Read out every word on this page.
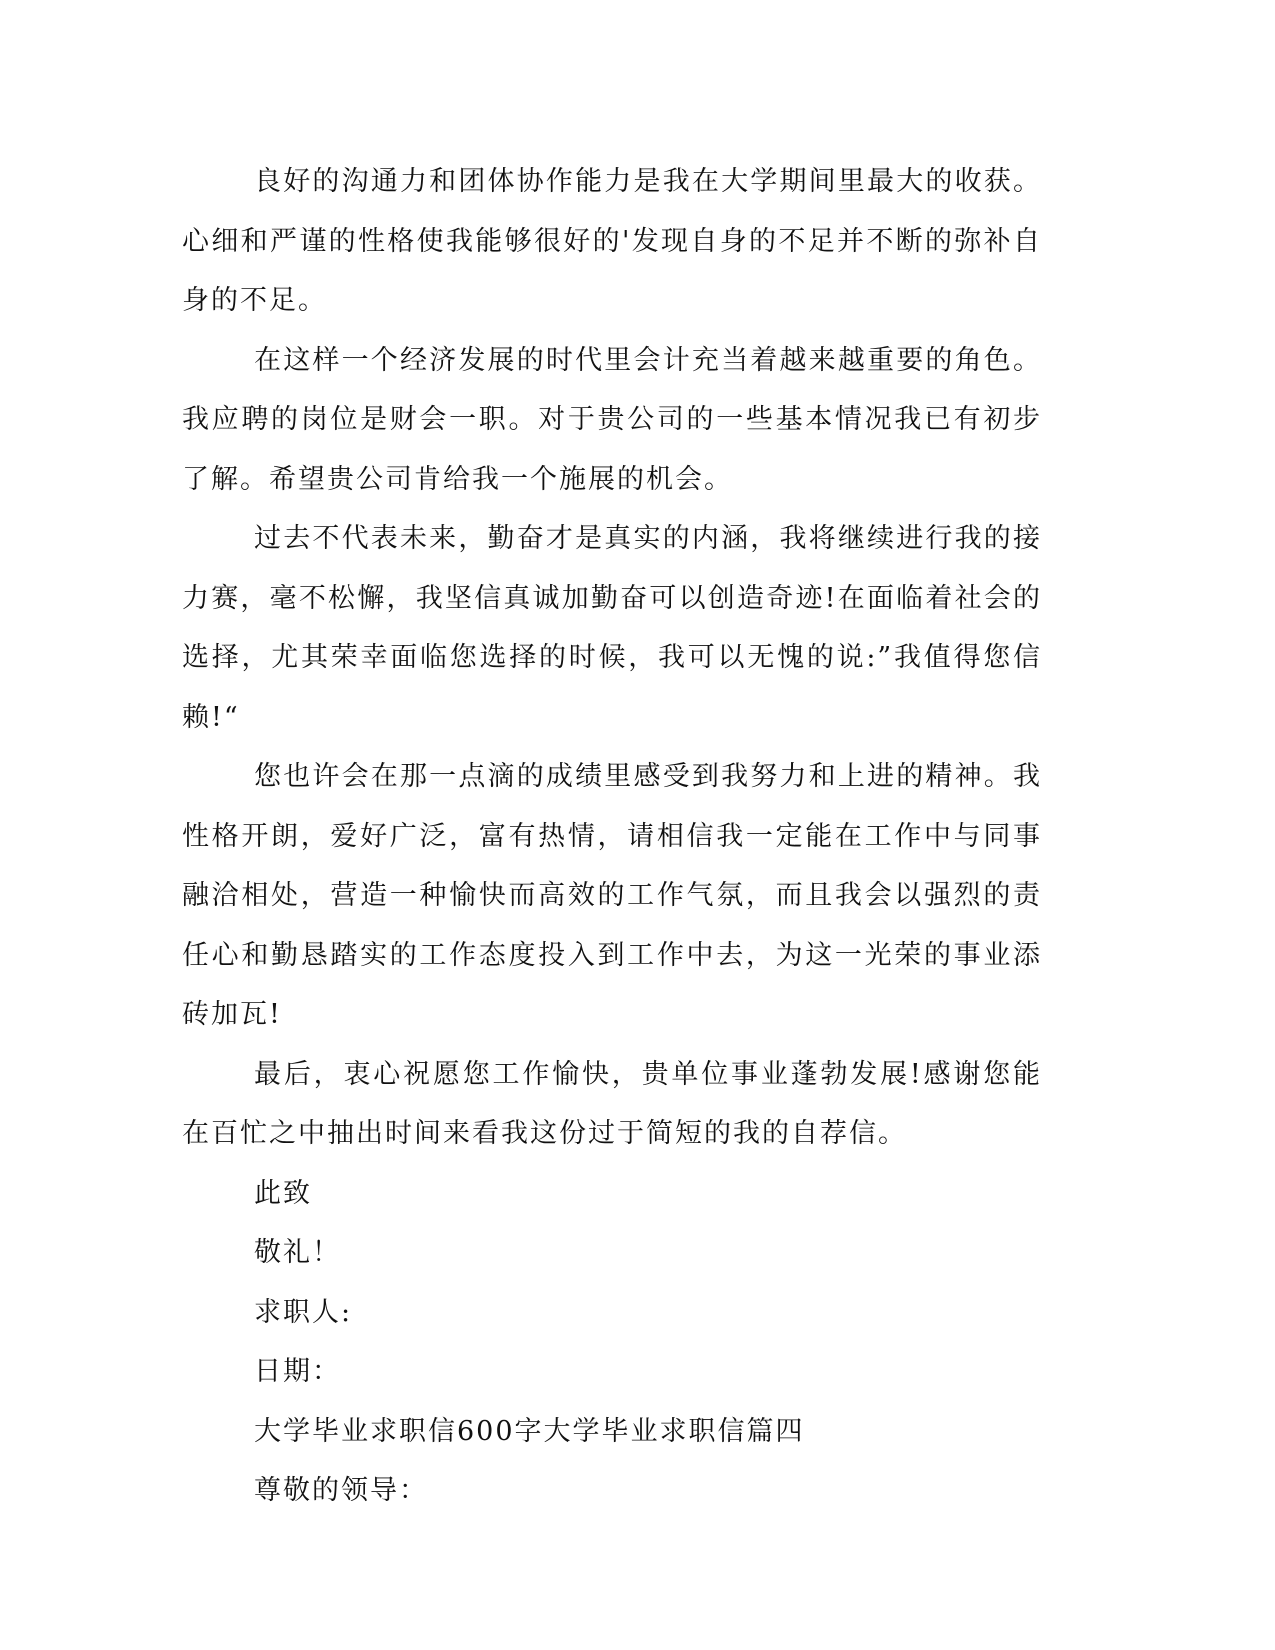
良好的沟通力和团体协作能力是我在大学期间里最大的收获。心细和严谨的性格使我能够很好的'发现自身的不足并不断的弥补自身的不足。

在这样一个经济发展的时代里会计充当着越来越重要的角色。我应聘的岗位是财会一职。对于贵公司的一些基本情况我已有初步了解。希望贵公司肯给我一个施展的机会。

过去不代表未来，勤奋才是真实的内涵，我将继续进行我的接力赛，毫不松懈，我坚信真诚加勤奋可以创造奇迹!在面临着社会的选择，尤其荣幸面临您选择的时候，我可以无愧的说:”我值得您信赖!“

您也许会在那一点滴的成绩里感受到我努力和上进的精神。我性格开朗，爱好广泛，富有热情，请相信我一定能在工作中与同事融洽相处，营造一种愉快而高效的工作气氛，而且我会以强烈的责任心和勤恳踏实的工作态度投入到工作中去，为这一光荣的事业添砖加瓦!

最后，衷心祝愿您工作愉快，贵单位事业蓬勃发展!感谢您能在百忙之中抽出时间来看我这份过于简短的我的自荐信。

此致

敬礼！

求职人:

日期：

大学毕业求职信600字大学毕业求职信篇四

尊敬的领导：
